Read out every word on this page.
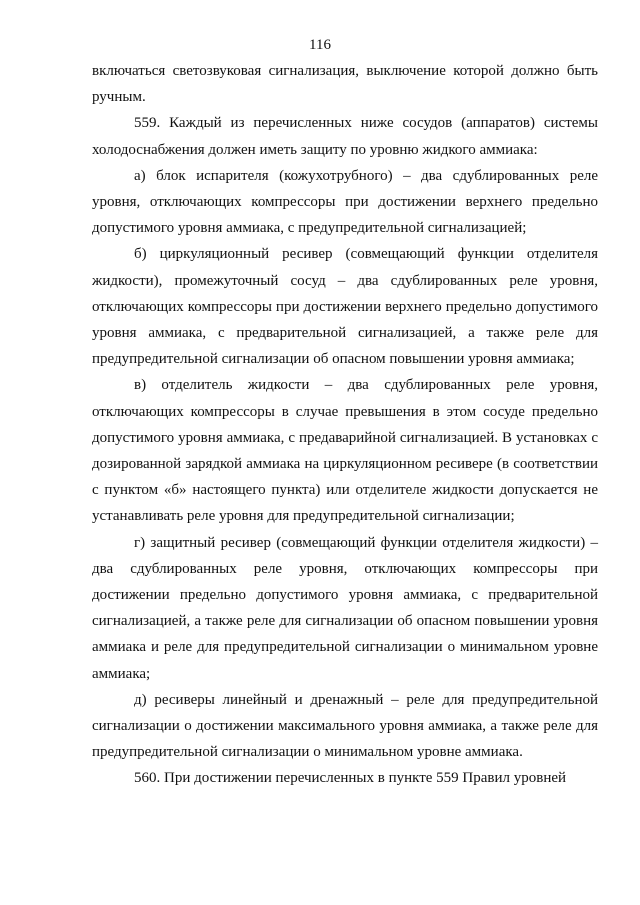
116

включаться светозвуковая сигнализация, выключение которой должно быть ручным.

559. Каждый из перечисленных ниже сосудов (аппаратов) системы холодоснабжения должен иметь защиту по уровню жидкого аммиака:

а) блок испарителя (кожухотрубного) – два сдублированных реле уровня, отключающих компрессоры при достижении верхнего предельно допустимого уровня аммиака, с предупредительной сигнализацией;

б) циркуляционный ресивер (совмещающий функции отделителя жидкости), промежуточный сосуд – два сдублированных реле уровня, отключающих компрессоры при достижении верхнего предельно допустимого уровня аммиака, с предварительной сигнализацией, а также реле для предупредительной сигнализации об опасном повышении уровня аммиака;

в) отделитель жидкости – два сдублированных реле уровня, отключающих компрессоры в случае превышения в этом сосуде предельно допустимого уровня аммиака, с предаварийной сигнализацией. В установках с дозированной зарядкой аммиака на циркуляционном ресивере (в соответствии с пунктом «б» настоящего пункта) или отделителе жидкости допускается не устанавливать реле уровня для предупредительной сигнализации;

г) защитный ресивер (совмещающий функции отделителя жидкости) – два сдублированных реле уровня, отключающих компрессоры при достижении предельно допустимого уровня аммиака, с предварительной сигнализацией, а также реле для сигнализации об опасном повышении уровня аммиака и реле для предупредительной сигнализации о минимальном уровне аммиака;

д) ресиверы линейный и дренажный – реле для предупредительной сигнализации о достижении максимального уровня аммиака, а также реле для предупредительной сигнализации о минимальном уровне аммиака.

560. При достижении перечисленных в пункте 559 Правил уровней
